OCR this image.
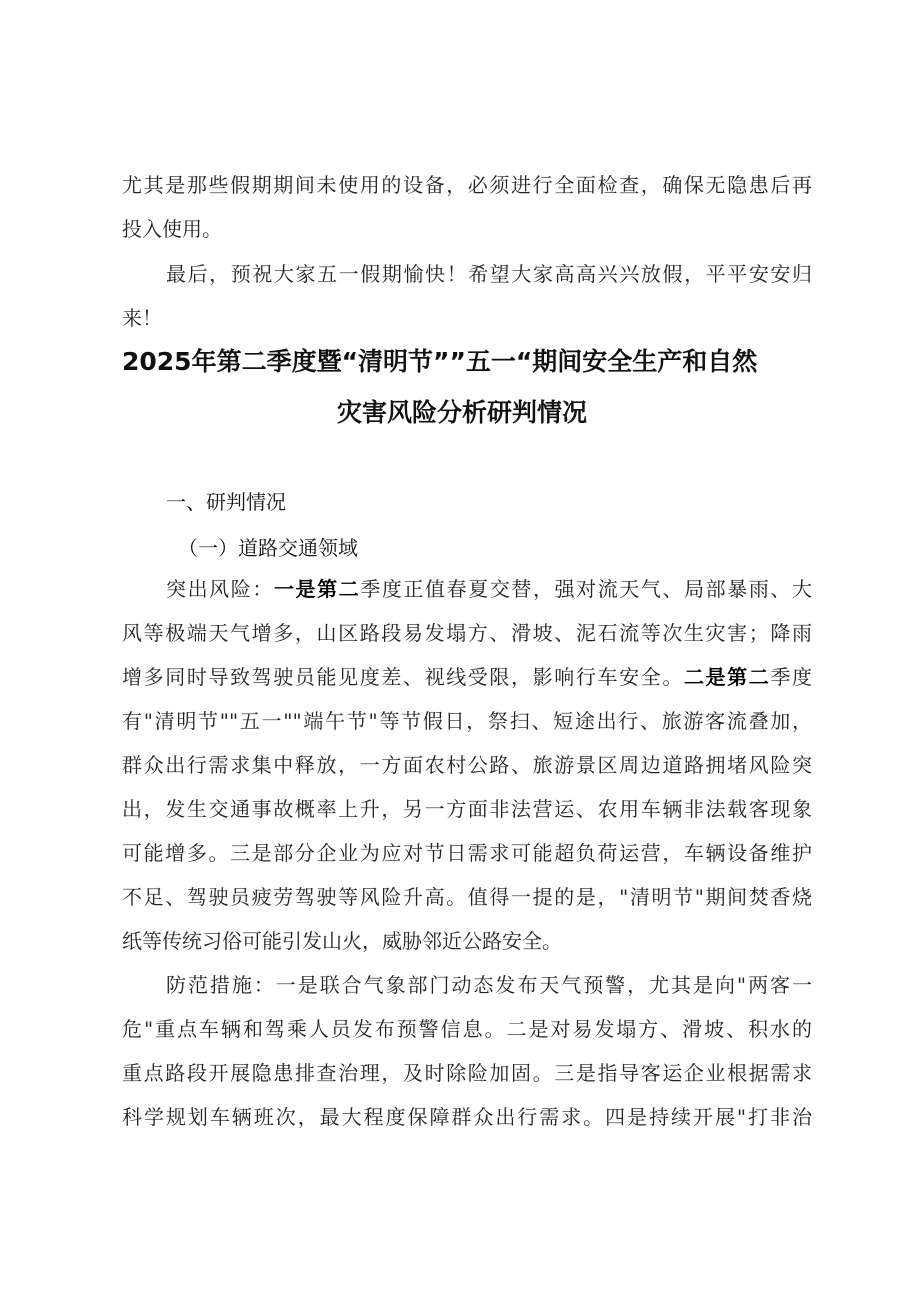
尤其是那些假期期间未使用的设备，必须进行全面检查，确保无隐患后再
投入使用。
最后，预祝大家五一假期愉快！希望大家高高兴兴放假，平平安安归
来！
2025年第二季度暨“清明节””五一“期间安全生产和自然
灾害风险分析研判情况
一、研判情况
（一）道路交通领域
突出风险：一是第二季度正值春夏交替，强对流天气、局部暴雨、大
风等极端天气增多，山区路段易发塌方、滑坡、泥石流等次生灾害；降雨
增多同时导致驾驶员能见度差、视线受限，影响行车安全。二是第二季度
有"清明节""五一""端午节"等节假日，祭扫、短途出行、旅游客流叠加，
群众出行需求集中释放，一方面农村公路、旅游景区周边道路拥堵风险突
出，发生交通事故概率上升，另一方面非法营运、农用车辆非法载客现象
可能增多。三是部分企业为应对节日需求可能超负荷运营，车辆设备维护
不足、驾驶员疲劳驾驶等风险升高。值得一提的是，"清明节"期间焚香烧
纸等传统习俗可能引发山火，威胁邻近公路安全。
防范措施：一是联合气象部门动态发布天气预警，尤其是向"两客一
危"重点车辆和驾乘人员发布预警信息。二是对易发塌方、滑坡、积水的
重点路段开展隐患排查治理，及时除险加固。三是指导客运企业根据需求
科学规划车辆班次，最大程度保障群众出行需求。四是持续开展"打非治
